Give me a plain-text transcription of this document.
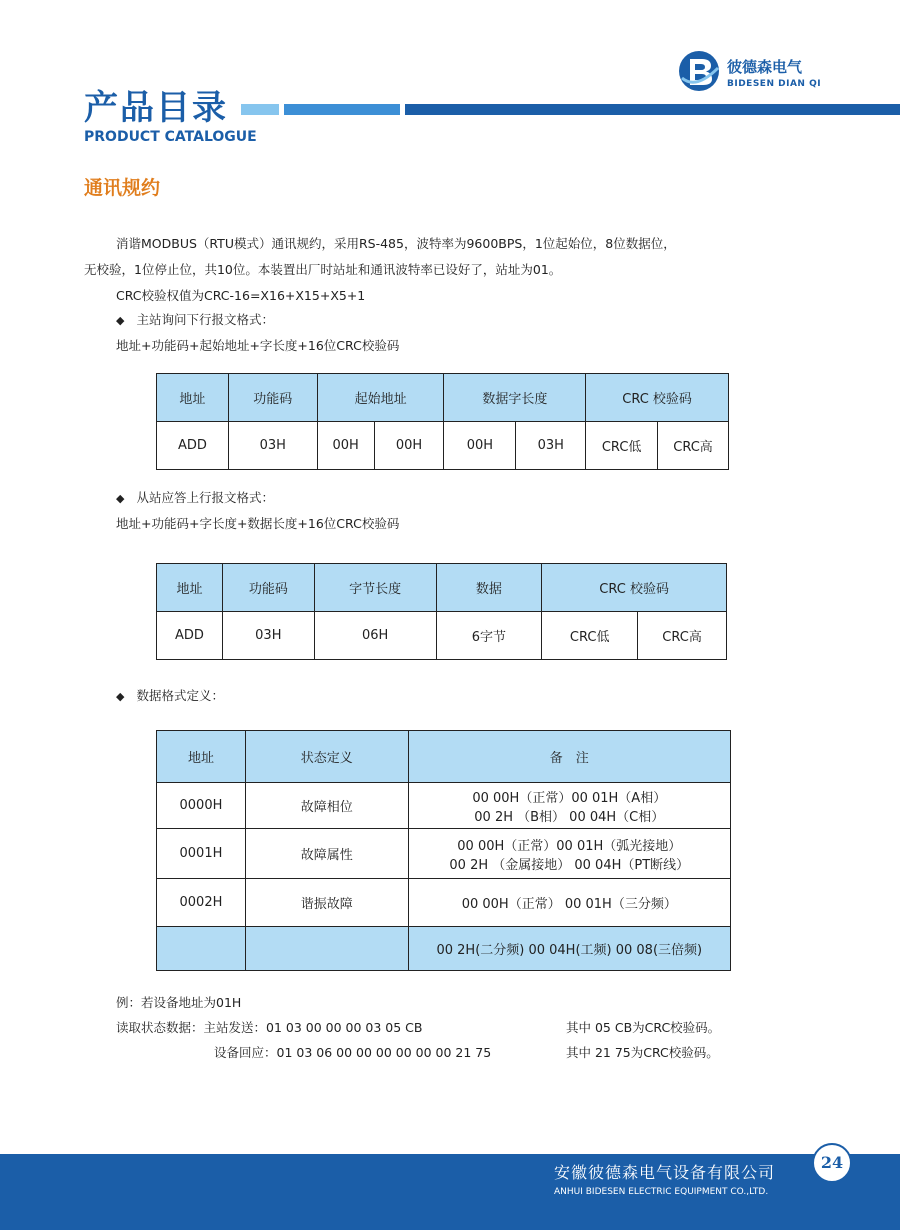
彼德森电气
BIDESEN DIAN QI
产品目录
PRODUCT CATALOGUE
通讯规约
消谐MODBUS（RTU模式）通讯规约，采用RS-485，波特率为9600BPS，1位起始位，8位数据位，
无校验，1位停止位，共10位。本装置出厂时站址和通讯波特率已设好了，站址为01。
CRC校验权值为CRC-16=X16+X15+X5+1
◆ 主站询问下行报文格式：
地址+功能码+起始地址+字长度+16位CRC校验码
地址	功能码	起始地址		数据字长度		CRC 校验码	
ADD	03H	00H	00H	00H	03H	CRC低	CRC高
◆ 从站应答上行报文格式：
地址+功能码+字长度+数据长度+16位CRC校验码
地址	功能码	字节长度	数据	CRC 校验码	
ADD	03H	06H	6字节	CRC低	CRC高
◆ 数据格式定义：
地址	状态定义	备　注
0000H	故障相位	00 00H（正常）00 01H（A相）
00 2H （B相） 00 04H（C相）

0001H	故障属性	00 00H（正常）00 01H（弧光接地）
00 2H （金属接地） 00 04H（PT断线）

0002H	谐振故障	00 00H（正常） 00 01H（三分频）
		00 2H(二分频) 00 04H(工频) 00 08(三倍频)
例：若设备地址为01H
读取状态数据：主站发送：01 03 00 00 00 03 05 CB	其中 05 CB为CRC校验码。
设备回应：01 03 06 00 00 00 00 00 00 21 75	其中 21 75为CRC校验码。
安徽彼德森电气设备有限公司
ANHUI BIDESEN ELECTRIC EQUIPMENT CO.,LTD.
24
